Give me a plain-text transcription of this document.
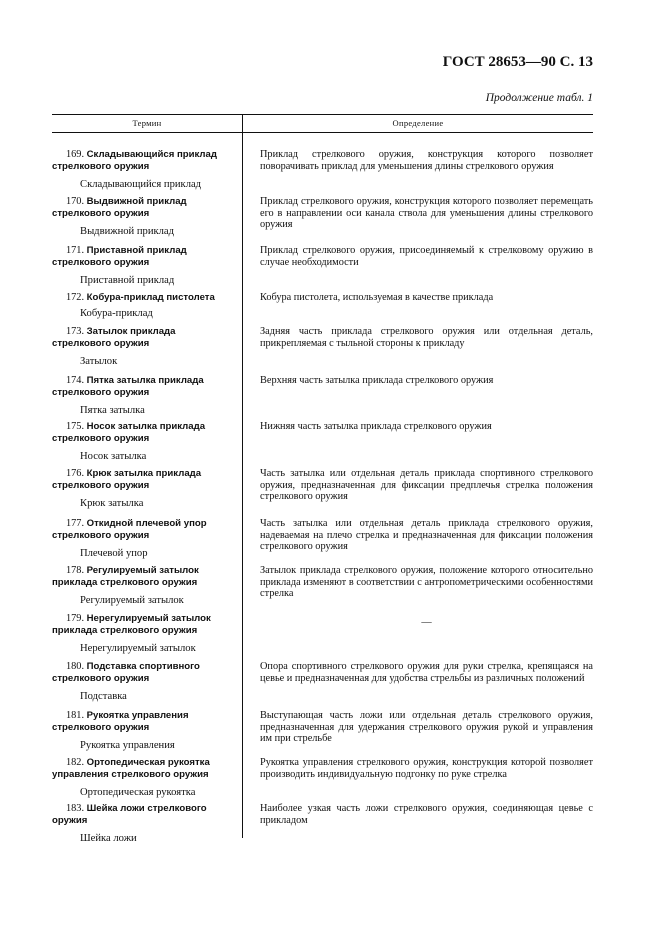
ГОСТ 28653—90 С. 13
Продолжение табл. 1
Термин	Определение
169. Складывающийся приклад стрелкового оружия
Складывающийся приклад
Приклад стрелкового оружия, конструкция которого позволяет поворачивать приклад для уменьшения длины стрелкового оружия
170. Выдвижной приклад стрелкового оружия
Выдвижной приклад
Приклад стрелкового оружия, конструкция которого позволяет перемещать его в направлении оси канала ствола для уменьшения длины стрелкового оружия
171. Приставной приклад стрелкового оружия
Приставной приклад
Приклад стрелкового оружия, присоединяемый к стрелковому оружию в случае необходимости
172. Кобура-приклад пистолета
Кобура-приклад
Кобура пистолета, используемая в качестве приклада
173. Затылок приклада стрелкового оружия
Затылок
Задняя часть приклада стрелкового оружия или отдельная деталь, прикрепляемая с тыльной стороны к прикладу
174. Пятка затылка приклада стрелкового оружия
Пятка затылка
Верхняя часть затылка приклада стрелкового оружия
175. Носок затылка приклада стрелкового оружия
Носок затылка
Нижняя часть затылка приклада стрелкового оружия
176. Крюк затылка приклада стрелкового оружия
Крюк затылка
Часть затылка или отдельная деталь приклада спортивного стрелкового оружия, предназначенная для фиксации предплечья стрелка положения стрелкового оружия
177. Откидной плечевой упор стрелкового оружия
Плечевой упор
Часть затылка или отдельная деталь приклада стрелкового оружия, надеваемая на плечо стрелка и предназначенная для фиксации положения стрелкового оружия
178. Регулируемый затылок приклада стрелкового оружия
Регулируемый затылок
Затылок приклада стрелкового оружия, положение которого относительно приклада изменяют в соответствии с антропометрическими особенностями стрелка
179. Нерегулируемый затылок приклада стрелкового оружия
Нерегулируемый затылок
—
180. Подставка спортивного стрелкового оружия
Подставка
Опора спортивного стрелкового оружия для руки стрелка, крепящаяся на цевье и предназначенная для удобства стрельбы из различных положений
181. Рукоятка управления стрелкового оружия
Рукоятка управления
Выступающая часть ложи или отдельная деталь стрелкового оружия, предназначенная для удержания стрелкового оружия рукой и управления им при стрельбе
182. Ортопедическая рукоятка управления стрелкового оружия
Ортопедическая рукоятка
Рукоятка управления стрелкового оружия, конструкция которой позволяет производить индивидуальную подгонку по руке стрелка
183. Шейка ложи стрелкового оружия
Шейка ложи
Наиболее узкая часть ложи стрелкового оружия, соединяющая цевье с прикладом
